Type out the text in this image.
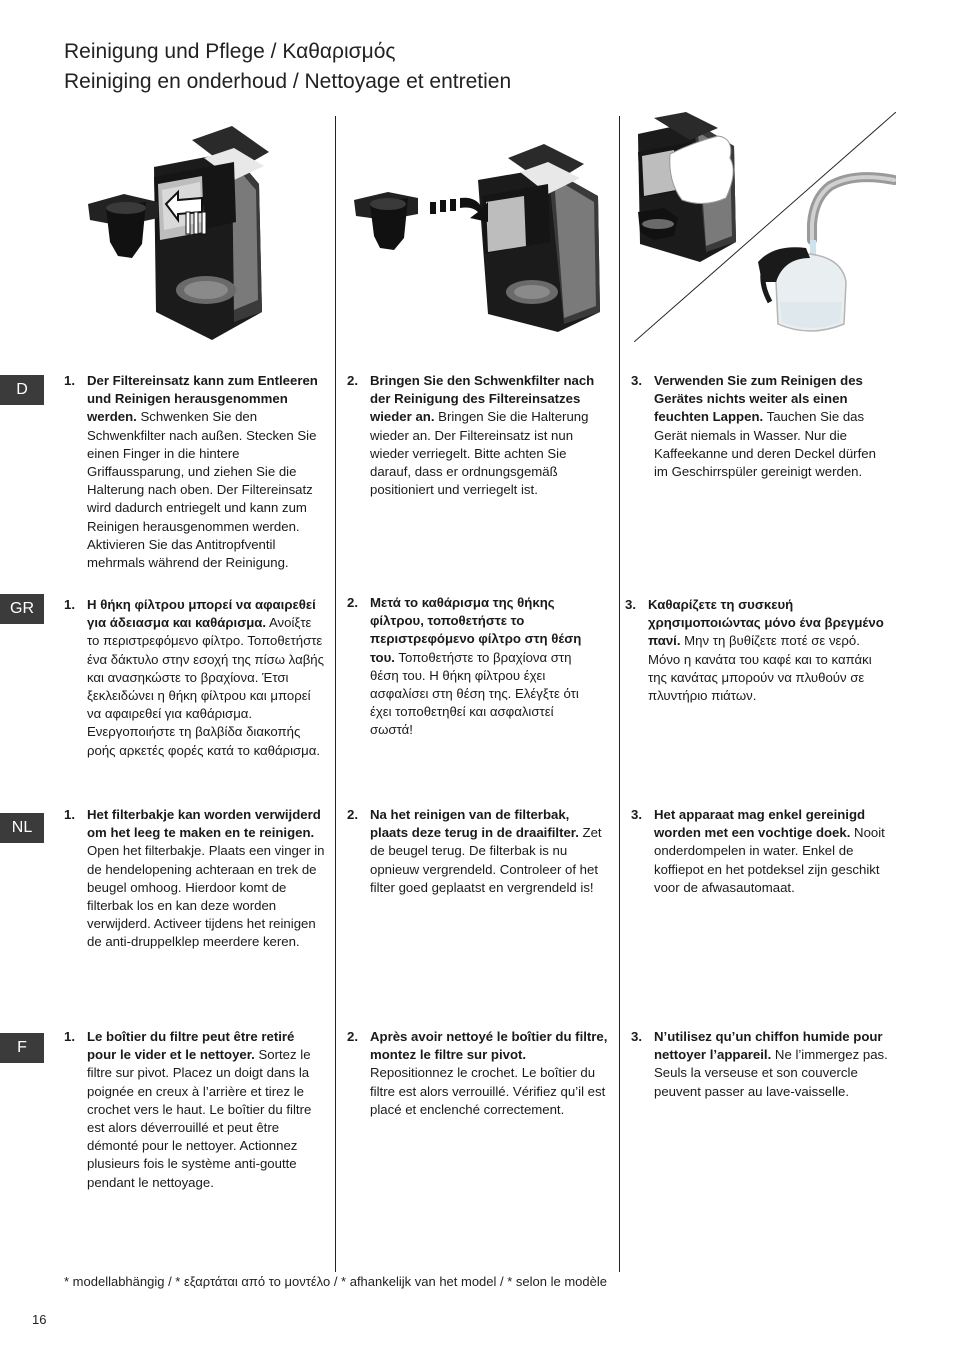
Reinigung und Pflege / Καθαρισμός
Reiniging en onderhoud / Nettoyage et entretien
D
GR
NL
F
1. Der Filtereinsatz kann zum Entleeren und Reinigen herausgenommen werden. Schwenken Sie den Schwenkfilter nach außen. Stecken Sie einen Finger in die hintere Griffaussparung, und ziehen Sie die Halterung nach oben. Der Filtereinsatz wird dadurch entriegelt und kann zum Reinigen herausgenommen werden. Aktivieren Sie das Antitropfventil mehrmals während der Reinigung.
2. Bringen Sie den Schwenkfilter nach der Reinigung des Filtereinsatzes wieder an. Bringen Sie die Halterung wieder an. Der Filtereinsatz ist nun wieder verriegelt. Bitte achten Sie darauf, dass er ordnungsgemäß positioniert und verriegelt ist.
3. Verwenden Sie zum Reinigen des Gerätes nichts weiter als einen feuchten Lappen. Tauchen Sie das Gerät niemals in Wasser. Nur die Kaffeekanne und deren Deckel dürfen im Geschirrspüler gereinigt werden.
1. Η θήκη φίλτρου μπορεί να αφαιρεθεί για άδειασμα και καθάρισμα. Ανοίξτε το περιστρεφόμενο φίλτρο. Τοποθετήστε ένα δάκτυλο στην εσοχή της πίσω λαβής και ανασηκώστε το βραχίονα. Έτσι ξεκλειδώνει η θήκη φίλτρου και μπορεί να αφαιρεθεί για καθάρισμα. Ενεργοποιήστε τη βαλβίδα διακοπής ροής αρκετές φορές κατά το καθάρισμα.
2. Μετά το καθάρισμα της θήκης φίλτρου, τοποθετήστε το περιστρεφόμενο φίλτρο στη θέση του. Τοποθετήστε το βραχίονα στη θέση του. Η θήκη φίλτρου έχει ασφαλίσει στη θέση της. Ελέγξτε ότι έχει τοποθετηθεί και ασφαλιστεί σωστά!
3. Καθαρίζετε τη συσκευή χρησιμοποιώντας μόνο ένα βρεγμένο πανί. Μην τη βυθίζετε ποτέ σε νερό. Μόνο η κανάτα του καφέ και το καπάκι της κανάτας μπορούν να πλυθούν σε πλυντήριο πιάτων.
1. Het filterbakje kan worden verwijderd om het leeg te maken en te reinigen. Open het filterbakje. Plaats een vinger in de hendelopening achteraan en trek de beugel omhoog. Hierdoor komt de filterbak los en kan deze worden verwijderd. Activeer tijdens het reinigen de anti-druppelklep meerdere keren.
2. Na het reinigen van de filterbak, plaats deze terug in de draaifilter. Zet de beugel terug. De filterbak is nu opnieuw vergrendeld. Controleer of het filter goed geplaatst en vergrendeld is!
3. Het apparaat mag enkel gereinigd worden met een vochtige doek. Nooit onderdompelen in water. Enkel de koffiepot en het potdeksel zijn geschikt voor de afwasautomaat.
1. Le boîtier du filtre peut être retiré pour le vider et le nettoyer. Sortez le filtre sur pivot. Placez un doigt dans la poignée en creux à l’arrière et tirez le crochet vers le haut. Le boîtier du filtre est alors déverrouillé et peut être démonté pour le nettoyer. Actionnez plusieurs fois le système anti-goutte pendant le nettoyage.
2. Après avoir nettoyé le boîtier du filtre, montez le filtre sur pivot. Repositionnez le crochet. Le boîtier du filtre est alors verrouillé. Vérifiez qu’il est placé et enclenché correctement.
3. N’utilisez qu’un chiffon humide pour nettoyer l’appareil. Ne l’immergez pas. Seuls la verseuse et son couvercle peuvent passer au lave-vaisselle.
* modellabhängig / * εξαρτάται από το μοντέλο / * afhankelijk van het model / * selon le modèle
16
